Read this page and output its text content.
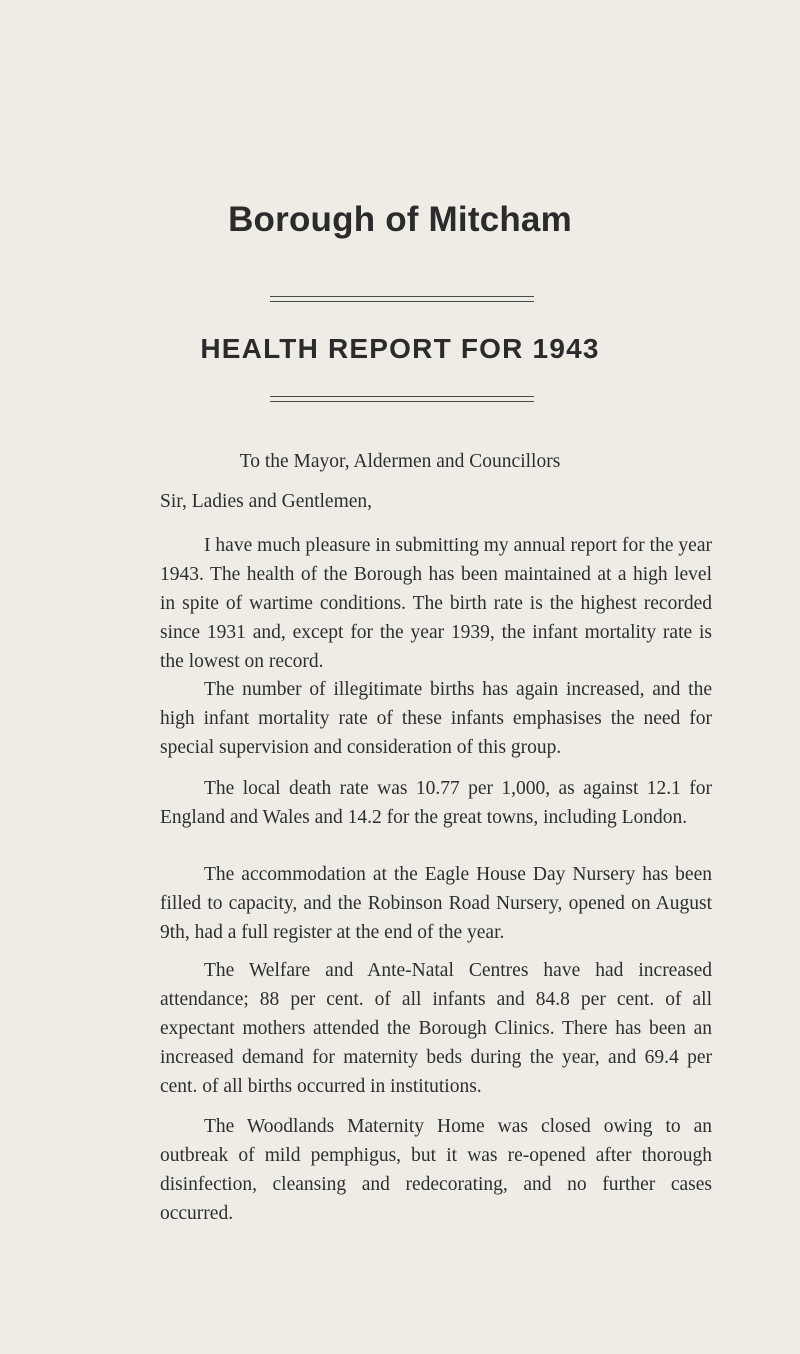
Borough of Mitcham
HEALTH REPORT FOR 1943

To the Mayor, Aldermen and Councillors

Sir, Ladies and Gentlemen,

I have much pleasure in submitting my annual report for the year 1943. The health of the Borough has been maintained at a high level in spite of wartime conditions. The birth rate is the highest recorded since 1931 and, except for the year 1939, the infant mortality rate is the lowest on record.

The number of illegitimate births has again increased, and the high infant mortality rate of these infants emphasises the need for special supervision and consideration of this group.

The local death rate was 10.77 per 1,000, as against 12.1 for England and Wales and 14.2 for the great towns, including London.

The accommodation at the Eagle House Day Nursery has been filled to capacity, and the Robinson Road Nursery, opened on August 9th, had a full register at the end of the year.

The Welfare and Ante-Natal Centres have had increased attendance; 88 per cent. of all infants and 84.8 per cent. of all expectant mothers attended the Borough Clinics. There has been an increased demand for maternity beds during the year, and 69.4 per cent. of all births occurred in institutions.

The Woodlands Maternity Home was closed owing to an outbreak of mild pemphigus, but it was re-opened after thorough disinfection, cleansing and redecorating, and no further cases occurred.
